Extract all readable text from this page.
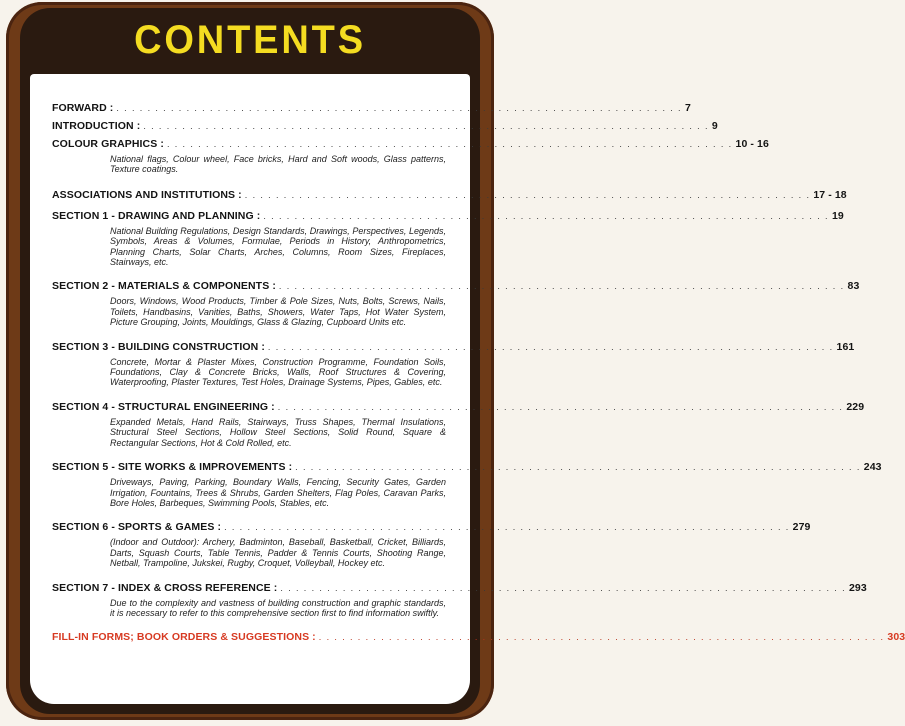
CONTENTS
FORWARD : . . . . . . . . . . . . . . . . . . . . . . . . . . . . . . . . . . . . . . . . . . . . . . . . . . . . . . . . . . . . . . . . . . . . . . . . . 7
INTRODUCTION : . . . . . . . . . . . . . . . . . . . . . . . . . . . . . . . . . . . . . . . . . . . . . . . . . . . . . . . . . . . . . . . . . . . . . . . . . 9
COLOUR GRAPHICS : . . . . . . . . . . . . . . . . . . . . . . . . . . . . . . . . . . . . . . . . . . . . . . . . . . . . . . . . . . . . . . . . . . . . . . . . . 10 - 16
National flags, Colour wheel, Face bricks, Hard and Soft woods, Glass patterns, Texture coatings.
ASSOCIATIONS AND INSTITUTIONS : . . . . . . . . . . . . . . . . . . . . . . . . . . . . . . . . . . . . . . . . . . . . . . . . . . . . . . . . . . . . . . . . . . . . . . . . . 17 - 18
SECTION 1 - DRAWING AND PLANNING : . . . . . . . . . . . . . . . . . . . . . . . . . . . . . . . . . . . . . . . . . . . . . . . . . . . . . . . . . . . . . . . . . . . . . . . . . 19
National Building Regulations, Design Standards, Drawings, Perspectives, Legends, Symbols, Areas & Volumes, Formulae, Periods in History, Anthropometrics, Planning Charts, Solar Charts, Arches, Columns, Room Sizes, Fireplaces, Stairways, etc.
SECTION 2 - MATERIALS & COMPONENTS : . . . . . . . . . . . . . . . . . . . . . . . . . . . . . . . . . . . . . . . . . . . . . . . . . . . . . . . . . . . . . . . . . . . . . . . . . 83
Doors, Windows, Wood Products, Timber & Pole Sizes, Nuts, Bolts, Screws, Nails, Toilets, Handbasins, Vanities, Baths, Showers, Water Taps, Hot Water System, Picture Grouping, Joints, Mouldings, Glass & Glazing, Cupboard Units etc.
SECTION 3 - BUILDING CONSTRUCTION : . . . . . . . . . . . . . . . . . . . . . . . . . . . . . . . . . . . . . . . . . . . . . . . . . . . . . . . . . . . . . . . . . . . . . . . . . 161
Concrete, Mortar & Plaster Mixes, Construction Programme, Foundation Soils, Foundations, Clay & Concrete Bricks, Walls, Roof Structures & Covering, Waterproofing, Plaster Textures, Test Holes, Drainage Systems, Pipes, Gables, etc.
SECTION 4 - STRUCTURAL ENGINEERING : . . . . . . . . . . . . . . . . . . . . . . . . . . . . . . . . . . . . . . . . . . . . . . . . . . . . . . . . . . . . . . . . . . . . . . . . . 229
Expanded Metals, Hand Rails, Stairways, Truss Shapes, Thermal Insulations, Structural Steel Sections, Hollow Steel Sections, Solid Round, Square & Rectangular Sections, Hot & Cold Rolled, etc.
SECTION 5 - SITE WORKS & IMPROVEMENTS : . . . . . . . . . . . . . . . . . . . . . . . . . . . . . . . . . . . . . . . . . . . . . . . . . . . . . . . . . . . . . . . . . . . . . . . . . 243
Driveways, Paving, Parking, Boundary Walls, Fencing, Security Gates, Garden Irrigation, Fountains, Trees & Shrubs, Garden Shelters, Flag Poles, Caravan Parks, Bore Holes, Barbeques, Swimming Pools, Stables, etc.
SECTION 6 - SPORTS & GAMES : . . . . . . . . . . . . . . . . . . . . . . . . . . . . . . . . . . . . . . . . . . . . . . . . . . . . . . . . . . . . . . . . . . . . . . . . . 279
(Indoor and Outdoor): Archery, Badminton, Baseball, Basketball, Cricket, Billiards, Darts, Squash Courts, Table Tennis, Padder & Tennis Courts, Shooting Range, Netball, Trampoline, Jukskei, Rugby, Croquet, Volleyball, Hockey etc.
SECTION 7 - INDEX & CROSS REFERENCE : . . . . . . . . . . . . . . . . . . . . . . . . . . . . . . . . . . . . . . . . . . . . . . . . . . . . . . . . . . . . . . . . . . . . . . . . . 293
Due to the complexity and vastness of building construction and graphic standards, it is necessary to refer to this comprehensive section first to find information swiftly.
FILL-IN FORMS; BOOK ORDERS & SUGGESTIONS : . . . . . . . . . . . . . . . . . . . . . . . . . . . . . . . . . . . . . . . . . . . . . . . . . . . . . . . . . . . . . . . . . . . . . . . . . 303
